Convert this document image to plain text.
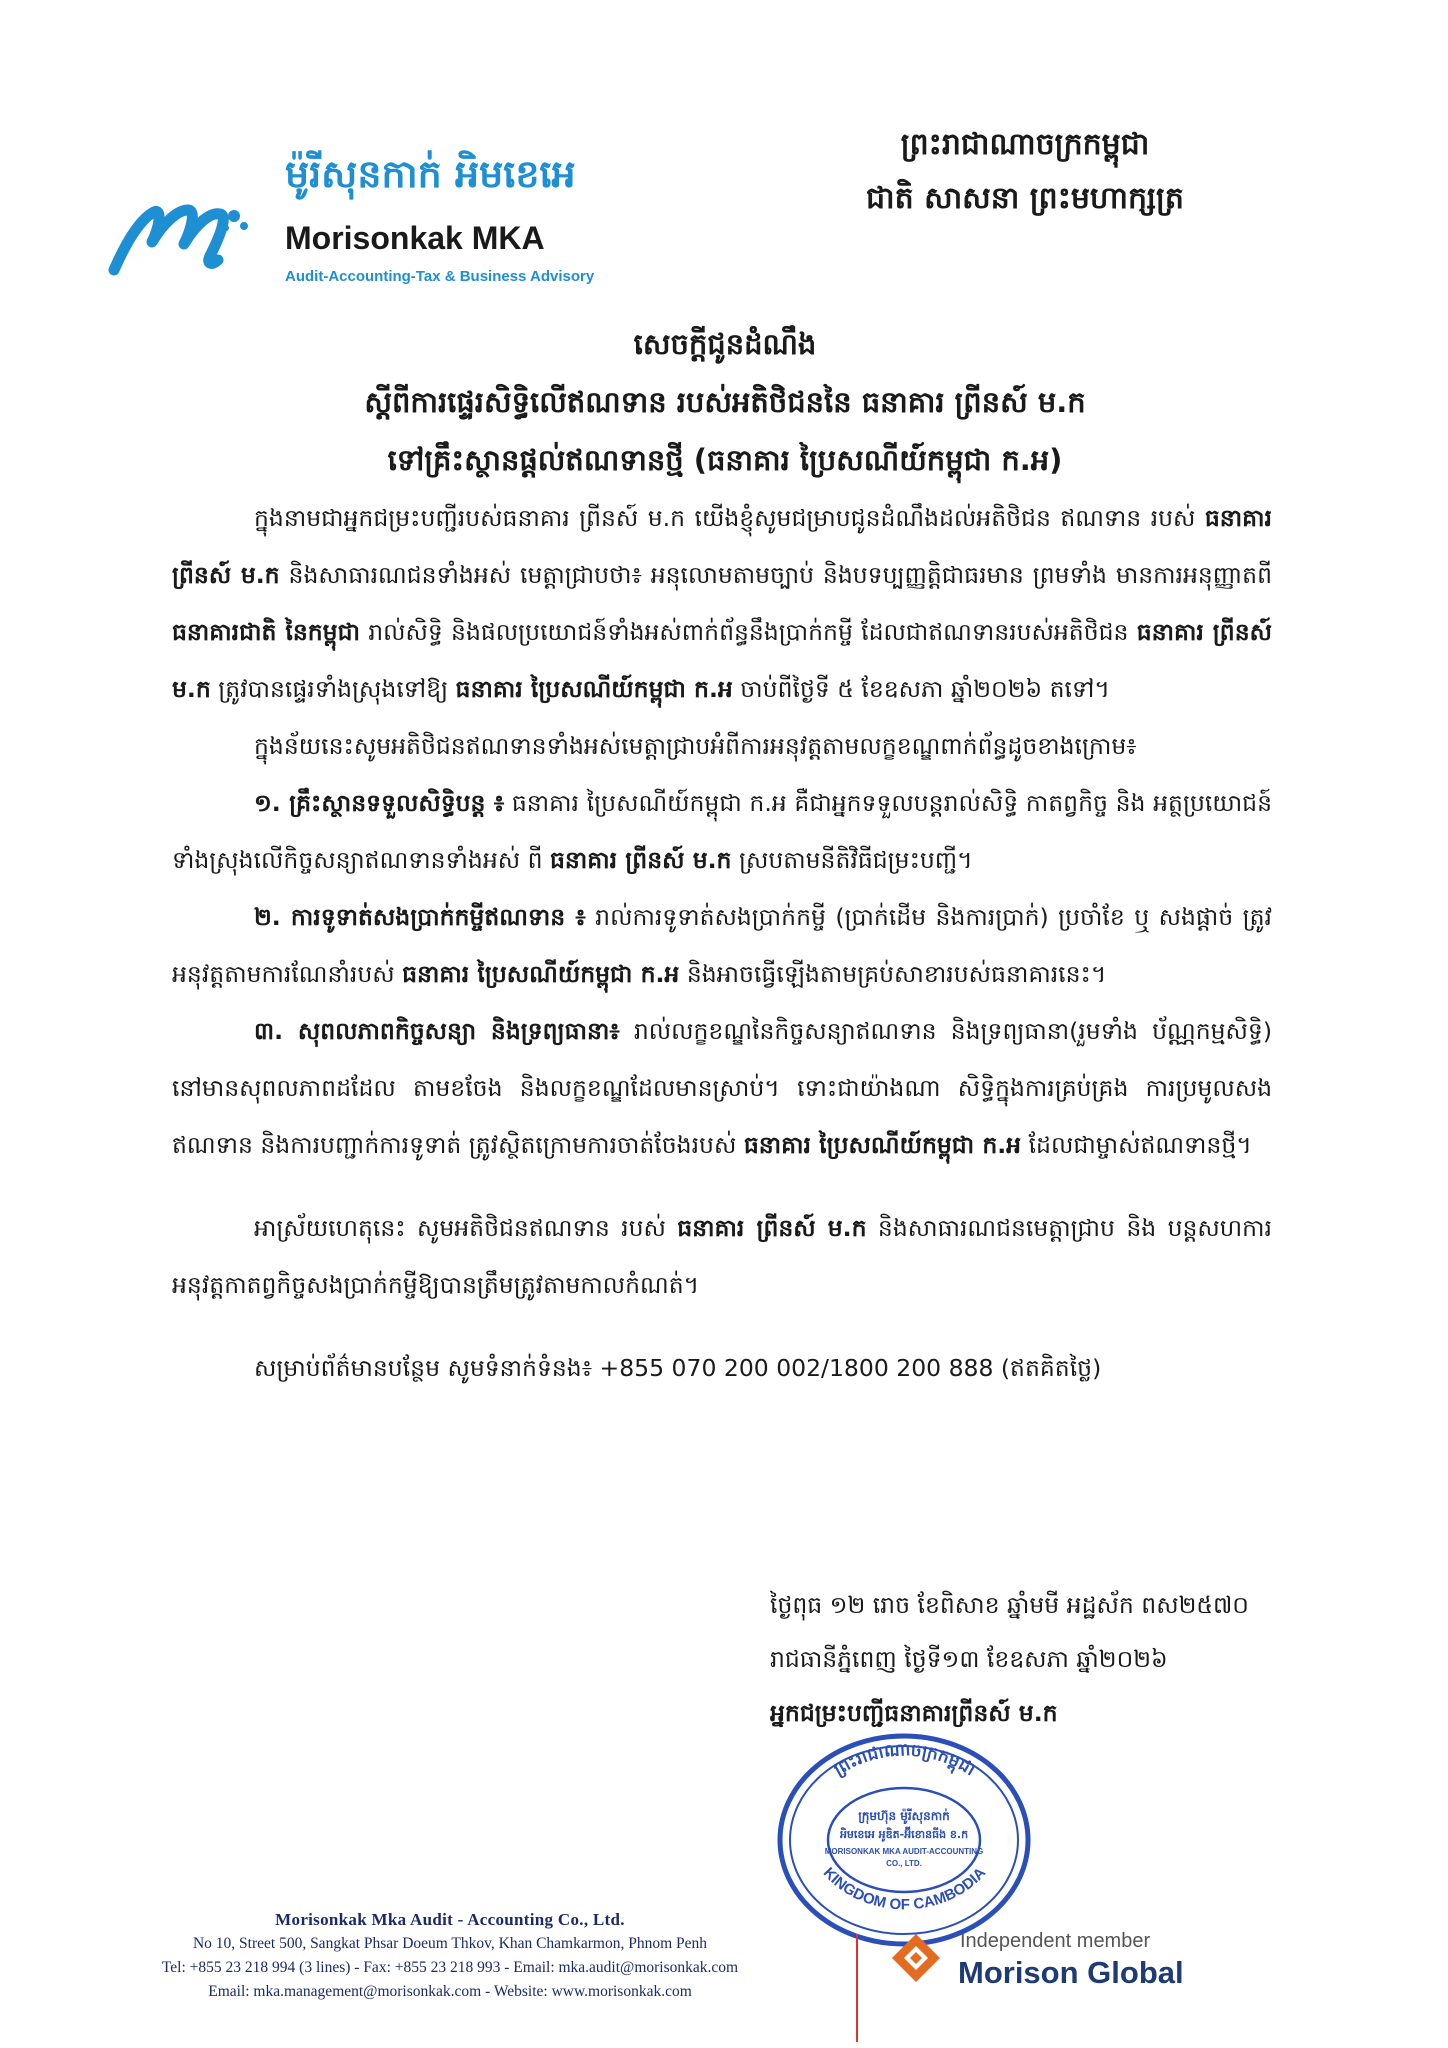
ម៉ូរីសុនកាក់ អិមខេអេ
Morisonkak MKA
Audit-Accounting-Tax & Business Advisory
ព្រះរាជាណាចក្រកម្ពុជា
ជាតិ សាសនា ព្រះមហាក្សត្រ
សេចក្តីជូនដំណឹង
ស្តីពីការផ្ទេរសិទ្ធិលើឥណទាន របស់អតិថិជននៃ ធនាគារ ព្រីនស៍ ម.ក
ទៅគ្រឹះស្ថានផ្តល់ឥណទានថ្មី (ធនាគារ ប្រៃសណីយ៍កម្ពុជា ក.អ)

ក្នុងនាមជាអ្នកជម្រះបញ្ជីរបស់ធនាគារ ព្រីនស៍ ម.ក យើងខ្ញុំសូមជម្រាបជូនដំណឹងដល់អតិថិជន ឥណទាន របស់ ធនាគារ ព្រីនស៍ ម.ក និងសាធារណជនទាំងអស់ មេត្តាជ្រាបថា៖ អនុលោមតាមច្បាប់ និងបទប្បញ្ញត្តិជាធរមាន ព្រមទាំង មានការអនុញ្ញាតពី ធនាគារជាតិ នៃកម្ពុជា រាល់សិទ្ធិ និងផលប្រយោជន៍ទាំងអស់ពាក់ព័ន្ធនឹងប្រាក់កម្ចី ដែលជាឥណទានរបស់អតិថិជន ធនាគារ ព្រីនស៍ ម.ក ត្រូវបានផ្ទេរទាំងស្រុងទៅឱ្យ ធនាគារ ប្រៃសណីយ៍កម្ពុជា ក.អ ចាប់ពីថ្ងៃទី ៥ ខែឧសភា ឆ្នាំ២០២៦ តទៅ។

ក្នុងន័យនេះសូមអតិថិជនឥណទានទាំងអស់មេត្តាជ្រាបអំពីការអនុវត្តតាមលក្ខខណ្ឌពាក់ព័ន្ធដូចខាងក្រោម៖

១. គ្រឹះស្ថានទទួលសិទ្ធិបន្ត ៖ ធនាគារ ប្រៃសណីយ៍កម្ពុជា ក.អ គឺជាអ្នកទទួលបន្តរាល់សិទ្ធិ កាតព្វកិច្ច និង អត្ថប្រយោជន៍ទាំងស្រុងលើកិច្ចសន្យាឥណទានទាំងអស់ ពី ធនាគារ ព្រីនស៍ ម.ក ស្របតាមនីតិវិធីជម្រះបញ្ជី។

២. ការទូទាត់សងប្រាក់កម្ចីឥណទាន ៖ រាល់ការទូទាត់សងប្រាក់កម្ចី (ប្រាក់ដើម និងការប្រាក់) ប្រចាំខែ ឬ សងផ្តាច់ ត្រូវអនុវត្តតាមការណែនាំរបស់ ធនាគារ ប្រៃសណីយ៍កម្ពុជា ក.អ និងអាចធ្វើឡើងតាមគ្រប់សាខារបស់ធនាគារនេះ។

៣. សុពលភាពកិច្ចសន្យា និងទ្រព្យធានា៖ រាល់លក្ខខណ្ឌនៃកិច្ចសន្យាឥណទាន និងទ្រព្យធានា(រួមទាំង ប័ណ្ណកម្មសិទ្ធិ) នៅមានសុពលភាពដដែល តាមខចែង និងលក្ខខណ្ឌដែលមានស្រាប់។ ទោះជាយ៉ាងណា សិទ្ធិក្នុងការគ្រប់គ្រង ការប្រមូលសងឥណទាន និងការបញ្ជាក់ការទូទាត់ ត្រូវស្ថិតក្រោមការចាត់ចែងរបស់ ធនាគារ ប្រៃសណីយ៍កម្ពុជា ក.អ ដែលជាម្ចាស់ឥណទានថ្មី។

អាស្រ័យហេតុនេះ សូមអតិថិជនឥណទាន របស់ ធនាគារ ព្រីនស៍ ម.ក និងសាធារណជនមេត្តាជ្រាប និង បន្តសហការអនុវត្តកាតព្វកិច្ចសងប្រាក់កម្ចីឱ្យបានត្រឹមត្រូវតាមកាលកំណត់។

សម្រាប់ព័ត៌មានបន្ថែម សូមទំនាក់ទំនង៖ +855 070 200 002/1800 200 888 (ឥតគិតថ្លៃ)

ថ្ងៃពុធ ១២ រោច ខែពិសាខ ឆ្នាំមមី អដ្ឋស័ក ពស២៥៧០
រាជធានីភ្នំពេញ ថ្ងៃទី១៣ ខែឧសភា ឆ្នាំ២០២៦
អ្នកជម្រះបញ្ជីធនាគារព្រីនស៍ ម.ក
ព្រះរាជាណាចក្រកម្ពុជា
KINGDOM OF CAMBODIA
ក្រុមហ៊ុន ម៉ូរីសុនកាក់
អិមខេអេ អូឌិត-អ៊ីខោនធីង ខ.ក
MORISONKAK MKA AUDIT-ACCOUNTING
CO., LTD.
Morisonkak Mka Audit - Accounting Co., Ltd.
No 10, Street 500, Sangkat Phsar Doeum Thkov, Khan Chamkarmon, Phnom Penh
Tel: +855 23 218 994 (3 lines) - Fax: +855 23 218 993 - Email: mka.audit@morisonkak.com
Email: mka.management@morisonkak.com - Website: www.morisonkak.com
Independent member
Morison Global
